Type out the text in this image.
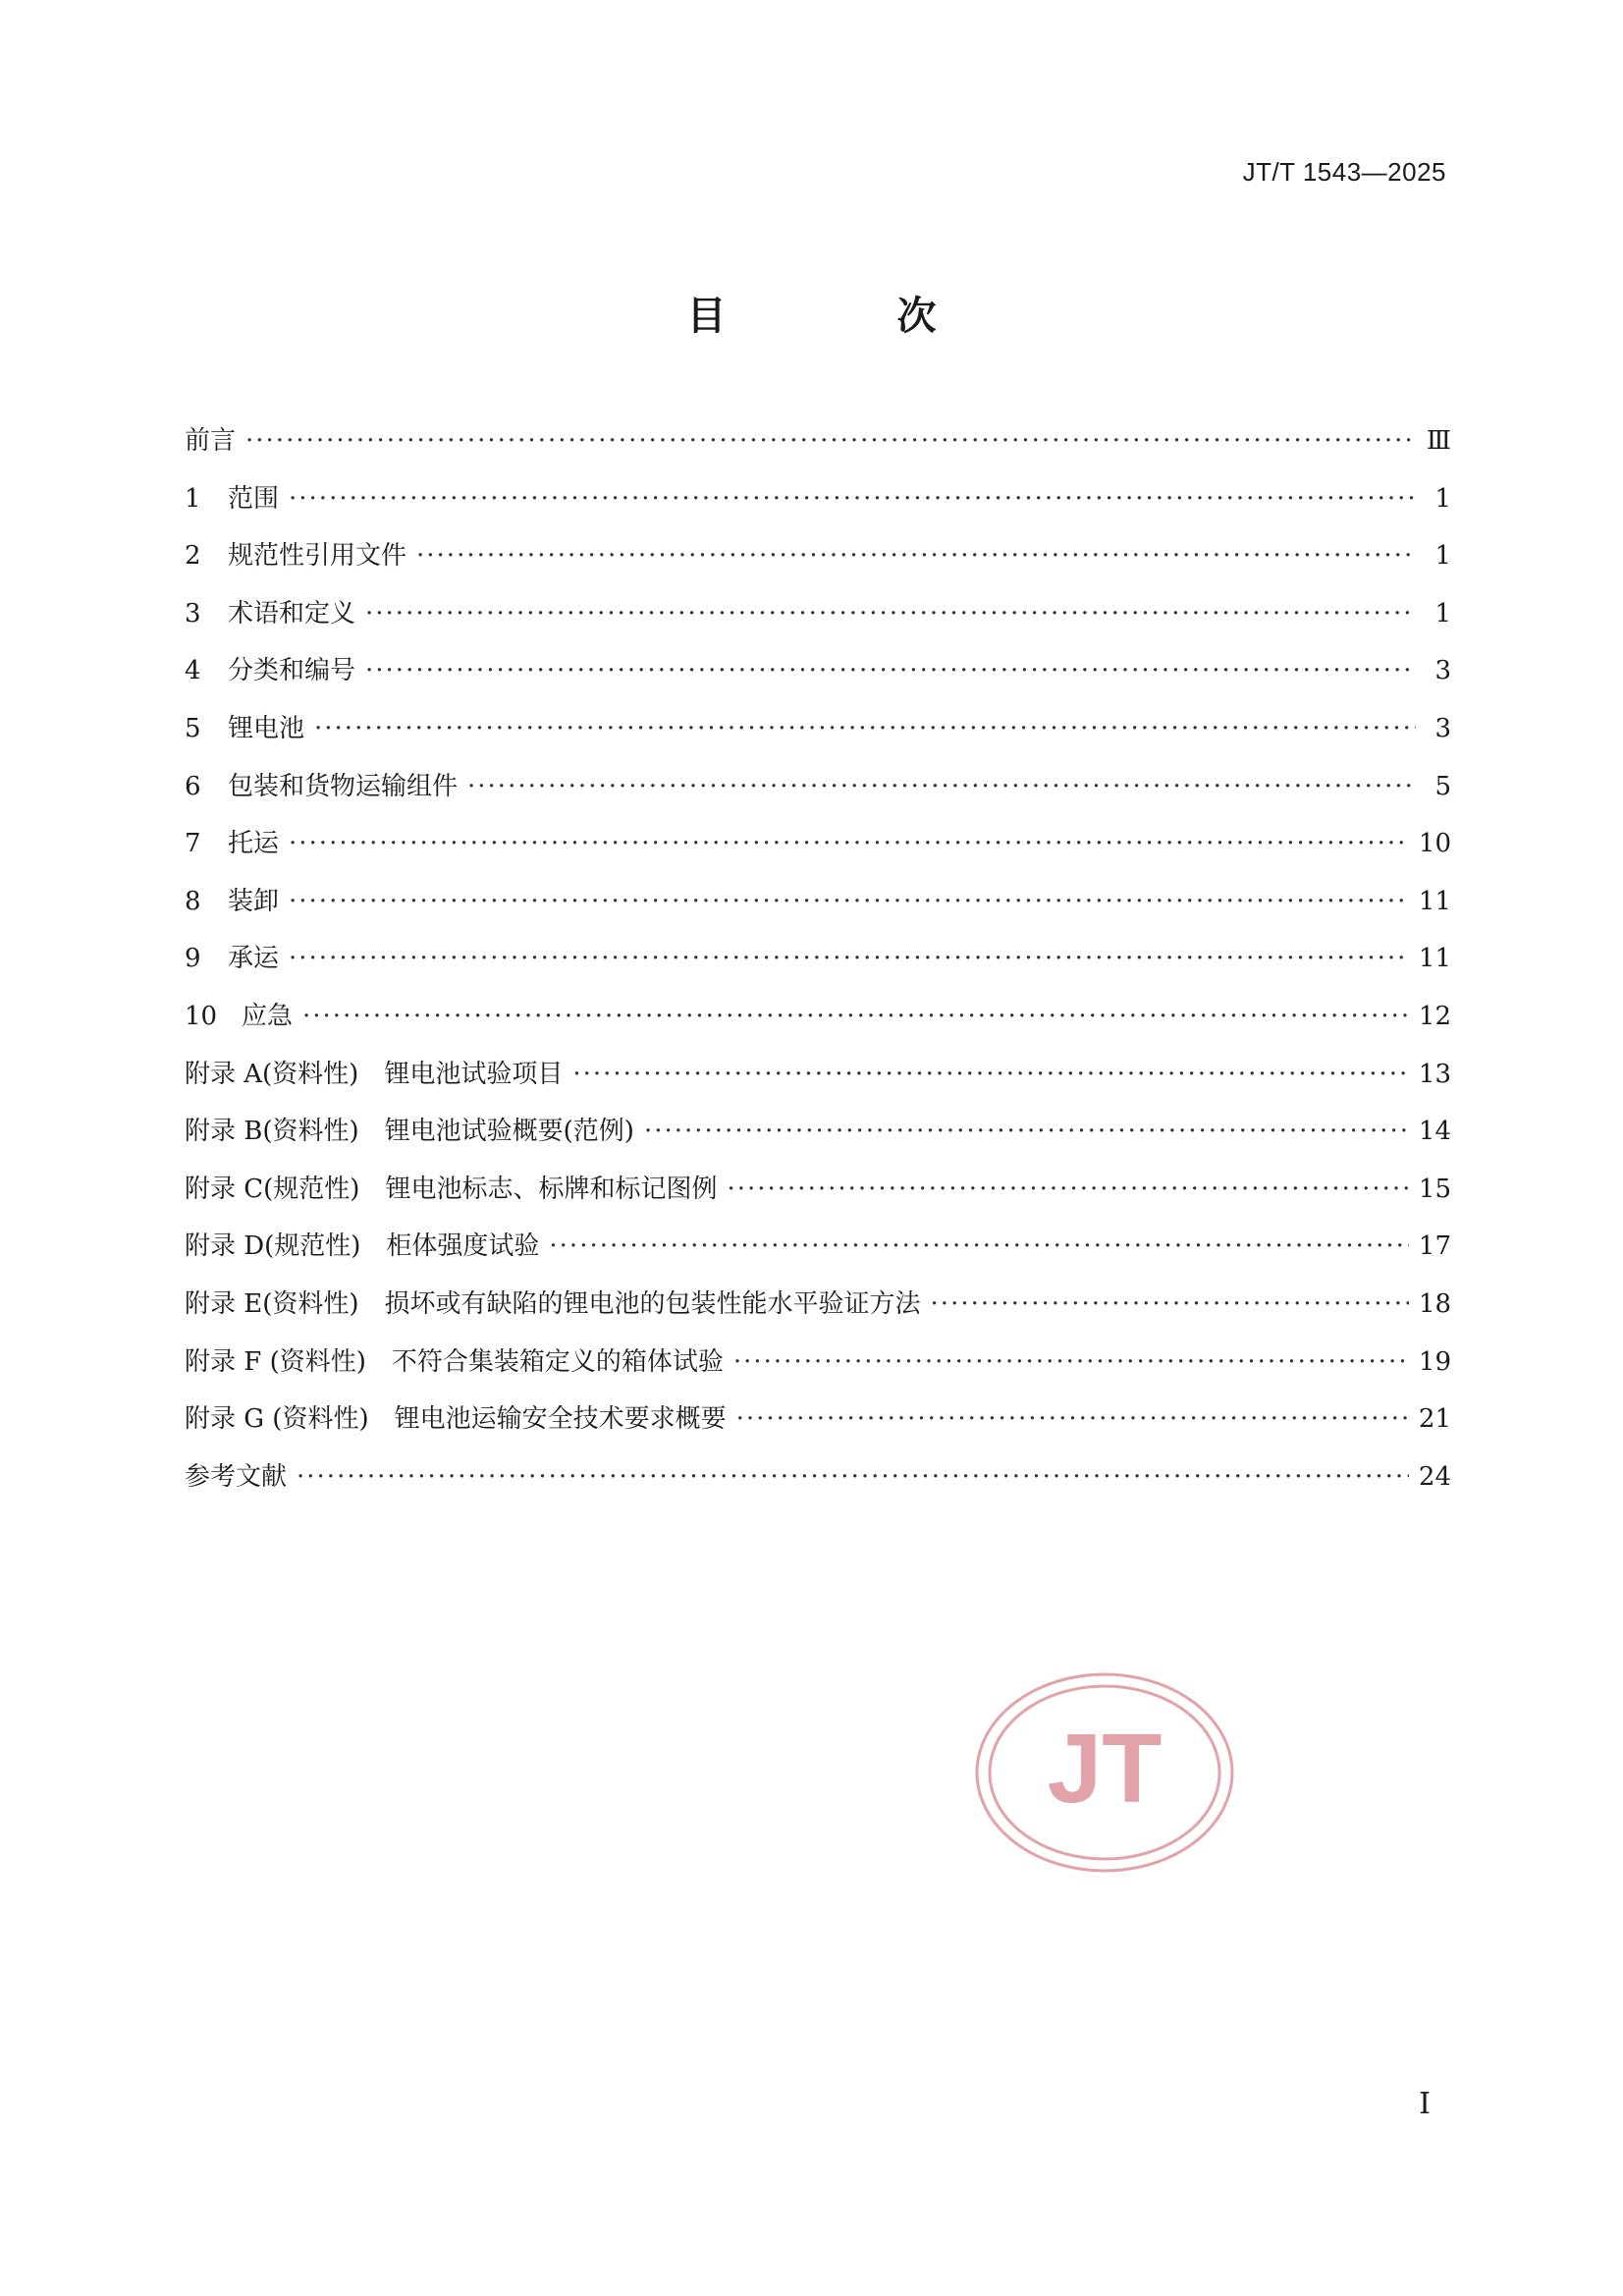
JT/T 1543—2025
目 次
前言 ·····	Ⅲ
1	范围 ·····	1
2	规范性引用文件 ·····	1
3	术语和定义 ·····	1
4	分类和编号 ·····	3
5	锂电池 ·····	3
6	包装和货物运输组件 ·····	5
7	托运 ·····	10
8	装卸 ·····	11
9	承运 ·····	11
10 应急 ·····	12
附录 A(资料性)　锂电池试验项目 ·····	13
附录 B(资料性)　锂电池试验概要(范例) ·····	14
附录 C(规范性)　锂电池标志、标牌和标记图例 ·····	15
附录 D(规范性)　柜体强度试验 ·····	17
附录 E(资料性)　损坏或有缺陷的锂电池的包装性能水平验证方法 ·····	18
附录 F (资料性)　不符合集装箱定义的箱体试验 ·····	19
附录 G (资料性)　锂电池运输安全技术要求概要 ·····	21
参考文献 ·····	24
JT
I
